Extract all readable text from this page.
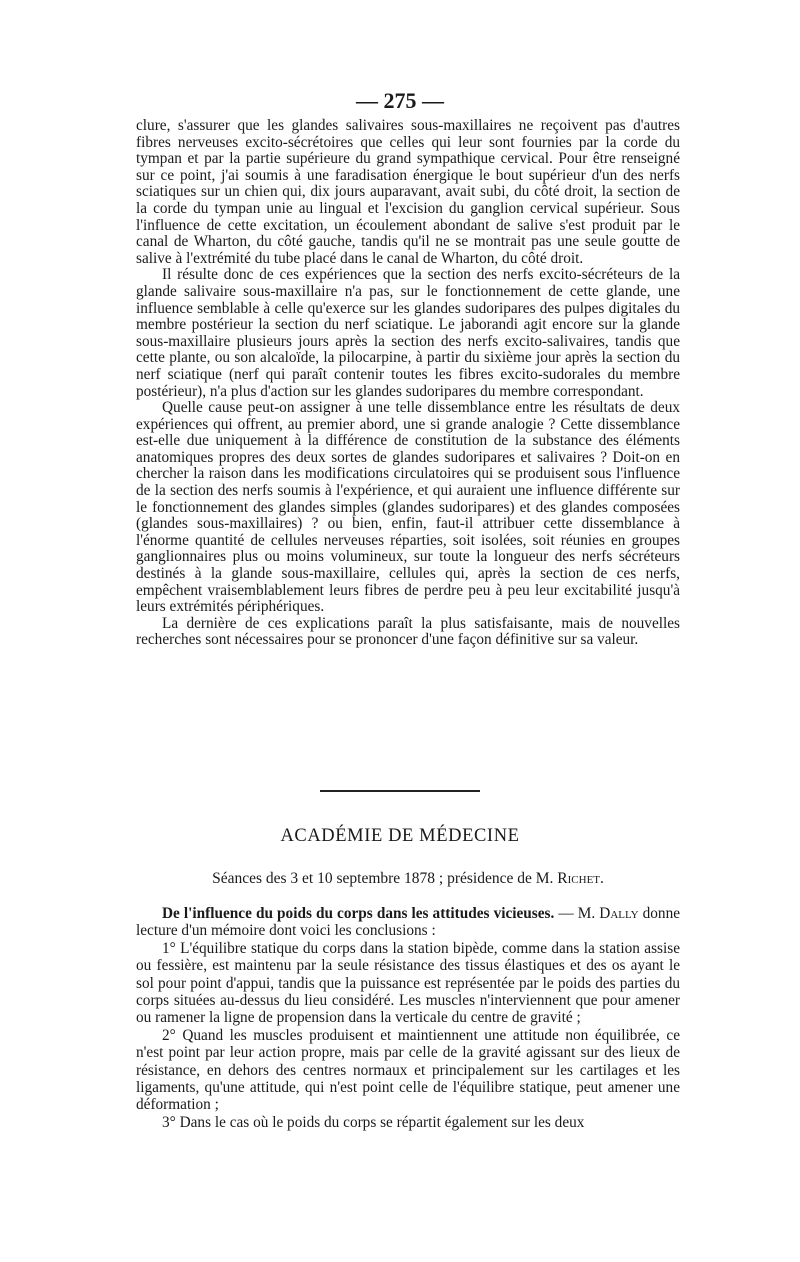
— 275 —

clure, s'assurer que les glandes salivaires sous-maxillaires ne reçoivent pas d'autres fibres nerveuses excito-sécrétoires que celles qui leur sont fournies par la corde du tympan et par la partie supérieure du grand sympathique cervical. Pour être renseigné sur ce point, j'ai soumis à une faradisation énergique le bout supérieur d'un des nerfs sciatiques sur un chien qui, dix jours auparavant, avait subi, du côté droit, la section de la corde du tympan unie au lingual et l'excision du ganglion cervical supérieur. Sous l'influence de cette excitation, un écoulement abondant de salive s'est produit par le canal de Wharton, du côté gauche, tandis qu'il ne se montrait pas une seule goutte de salive à l'extrémité du tube placé dans le canal de Wharton, du côté droit.

Il résulte donc de ces expériences que la section des nerfs excito-sécréteurs de la glande salivaire sous-maxillaire n'a pas, sur le fonctionnement de cette glande, une influence semblable à celle qu'exerce sur les glandes sudoripares des pulpes digitales du membre postérieur la section du nerf sciatique. Le jaborandi agit encore sur la glande sous-maxillaire plusieurs jours après la section des nerfs excito-salivaires, tandis que cette plante, ou son alcaloïde, la pilocarpine, à partir du sixième jour après la section du nerf sciatique (nerf qui paraît contenir toutes les fibres excito-sudorales du membre postérieur), n'a plus d'action sur les glandes sudoripares du membre correspondant.

Quelle cause peut-on assigner à une telle dissemblance entre les résultats de deux expériences qui offrent, au premier abord, une si grande analogie ? Cette dissemblance est-elle due uniquement à la différence de constitution de la substance des éléments anatomiques propres des deux sortes de glandes sudoripares et salivaires ? Doit-on en chercher la raison dans les modifications circulatoires qui se produisent sous l'influence de la section des nerfs soumis à l'expérience, et qui auraient une influence différente sur le fonctionnement des glandes simples (glandes sudoripares) et des glandes composées (glandes sous-maxillaires) ? ou bien, enfin, faut-il attribuer cette dissemblance à l'énorme quantité de cellules nerveuses réparties, soit isolées, soit réunies en groupes ganglionnaires plus ou moins volumineux, sur toute la longueur des nerfs sécréteurs destinés à la glande sous-maxillaire, cellules qui, après la section de ces nerfs, empêchent vraisemblablement leurs fibres de perdre peu à peu leur excitabilité jusqu'à leurs extrémités périphériques.

La dernière de ces explications paraît la plus satisfaisante, mais de nouvelles recherches sont nécessaires pour se prononcer d'une façon définitive sur sa valeur.

ACADÉMIE DE MÉDECINE
Séances des 3 et 10 septembre 1878 ; présidence de M. Richet.

De l'influence du poids du corps dans les attitudes vicieuses. — M. Dally donne lecture d'un mémoire dont voici les conclusions :

1° L'équilibre statique du corps dans la station bipède, comme dans la station assise ou fessière, est maintenu par la seule résistance des tissus élastiques et des os ayant le sol pour point d'appui, tandis que la puissance est représentée par le poids des parties du corps situées au-dessus du lieu considéré. Les muscles n'interviennent que pour amener ou ramener la ligne de propension dans la verticale du centre de gravité ;

2° Quand les muscles produisent et maintiennent une attitude non équilibrée, ce n'est point par leur action propre, mais par celle de la gravité agissant sur des lieux de résistance, en dehors des centres normaux et principalement sur les cartilages et les ligaments, qu'une attitude, qui n'est point celle de l'équilibre statique, peut amener une déformation ;

3° Dans le cas où le poids du corps se répartit également sur les deux
